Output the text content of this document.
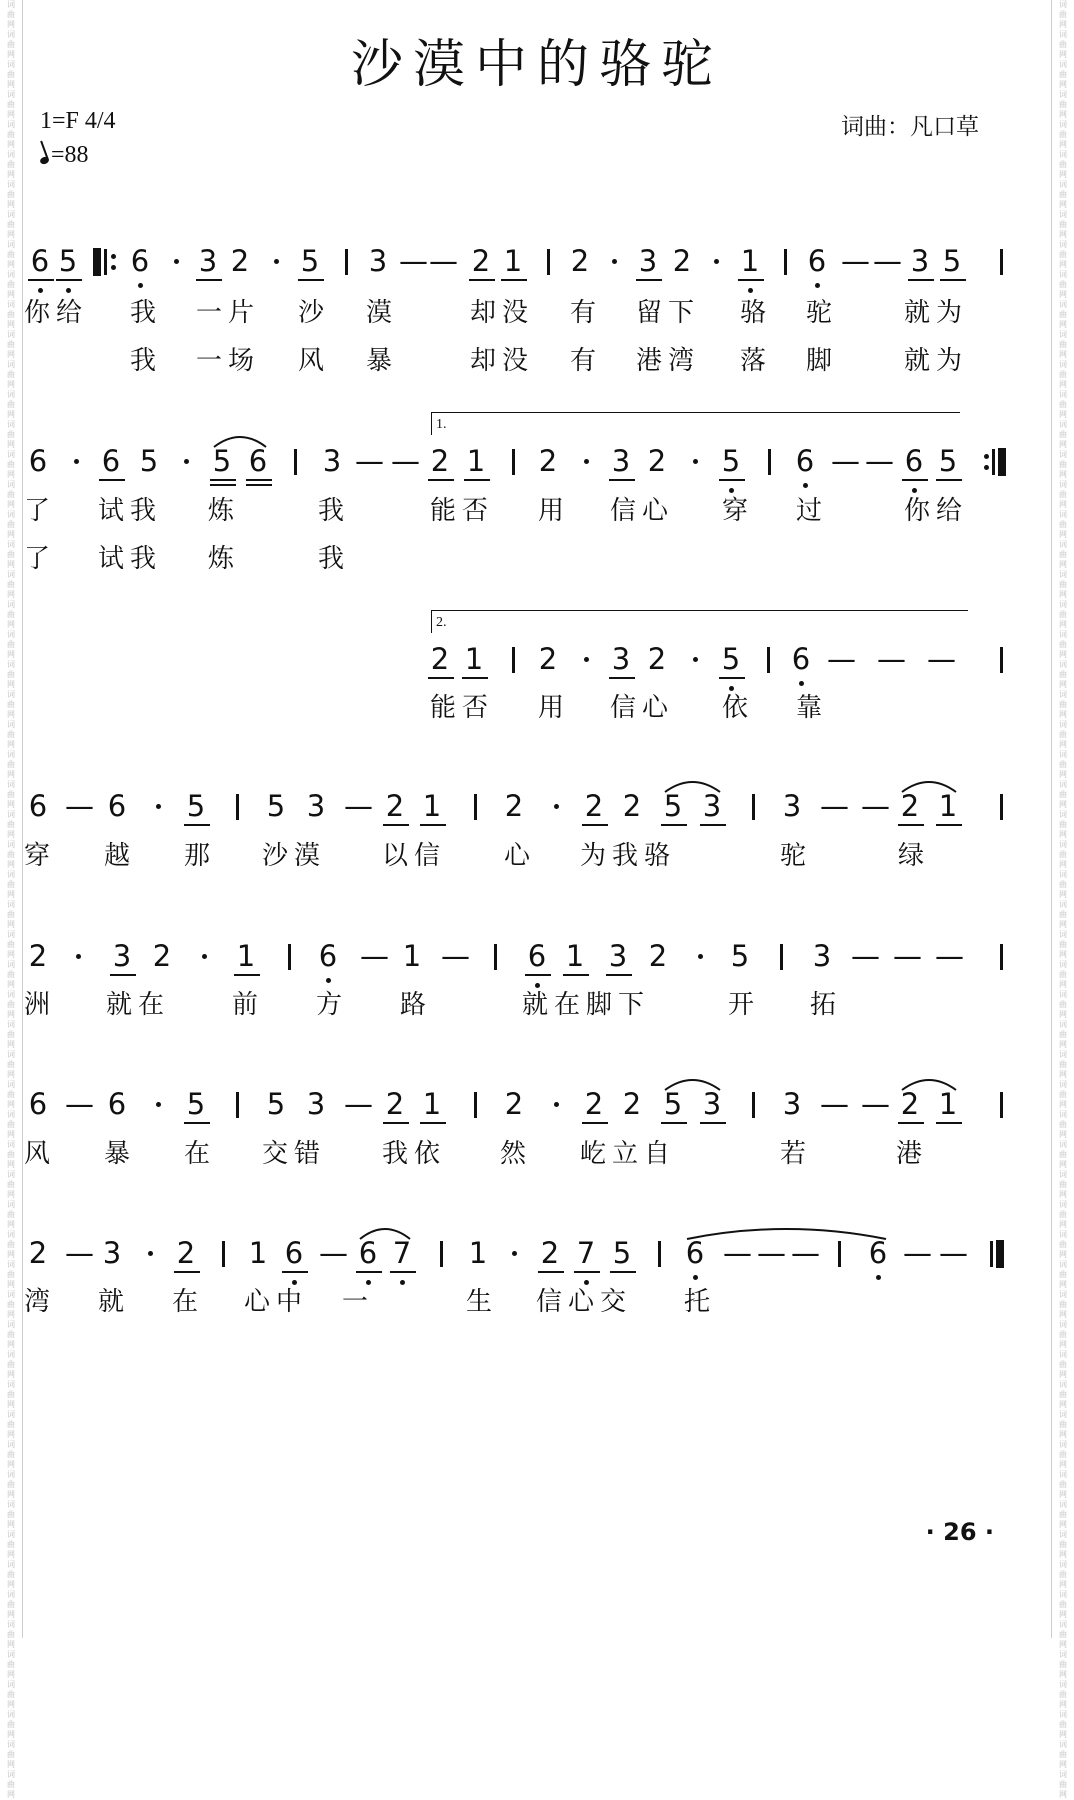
词曲网 词曲网 词曲网 词曲网 词曲网 词曲网 词曲网 词曲网 词曲网 词曲网 词曲网 词曲网 词曲网 词曲网 词曲网 词曲网 词曲网 词曲网 词曲网 词曲网 词曲网 词曲网 词曲网 词曲网 词曲网 词曲网 词曲网 词曲网 词曲网 词曲网 词曲网 词曲网 词曲网 词曲网 词曲网 词曲网 词曲网 词曲网 词曲网 词曲网 词曲网 词曲网 词曲网 词曲网 词曲网 词曲网 词曲网 词曲网 词曲网 词曲网 词曲网 词曲网 词曲网 词曲网 词曲网 词曲网 词曲网 词曲网 词曲网 词曲网
词曲网 词曲网 词曲网 词曲网 词曲网 词曲网 词曲网 词曲网 词曲网 词曲网 词曲网 词曲网 词曲网 词曲网 词曲网 词曲网 词曲网 词曲网 词曲网 词曲网 词曲网 词曲网 词曲网 词曲网 词曲网 词曲网 词曲网 词曲网 词曲网 词曲网 词曲网 词曲网 词曲网 词曲网 词曲网 词曲网 词曲网 词曲网 词曲网 词曲网 词曲网 词曲网 词曲网 词曲网 词曲网 词曲网 词曲网 词曲网 词曲网 词曲网 词曲网 词曲网 词曲网 词曲网 词曲网 词曲网 词曲网 词曲网 词曲网 词曲网
沙漠中的骆驼
1=F 4/4
=88
词曲：凡口草
6 5 6 3 2 5 3 — — 2 1 2 3 2 1 6 — — 3 5
你给 我 一片 沙 漠	却没 有 留下 骆 驼	就为
我 一场 风 暴	却没 有 港湾 落 脚	就为
6 6 5 5 6 3 — — 2 1 2 3 2 5 6 — — 6 5
了 试我 炼	我	能否 用 信心 穿 过	你给
了 试我 炼	我
1.
2 1 2 3 2 5 6 — — —
能否 用 信心 依 靠
2.
6 — 6 5 5 3 — 2 1 2 2 2 5 3 3 — — 2 1
穿 越 那 沙漠 以信 心 为我骆	驼	绿
2 3 2 1 6 — 1 — 6 1 3 2 5 3 — — —
洲 就在 前 方 路	就在脚下	开 拓
6 — 6 5 5 3 — 2 1 2 2 2 5 3 3 — — 2 1
风 暴 在 交错 我依 然 屹立自	若	港
2 — 3 2 1 6 — 6 7 1 2 7 5 6 — — — 6 — —
湾 就 在 心中 一	生 信心交 托
· 26 ·
